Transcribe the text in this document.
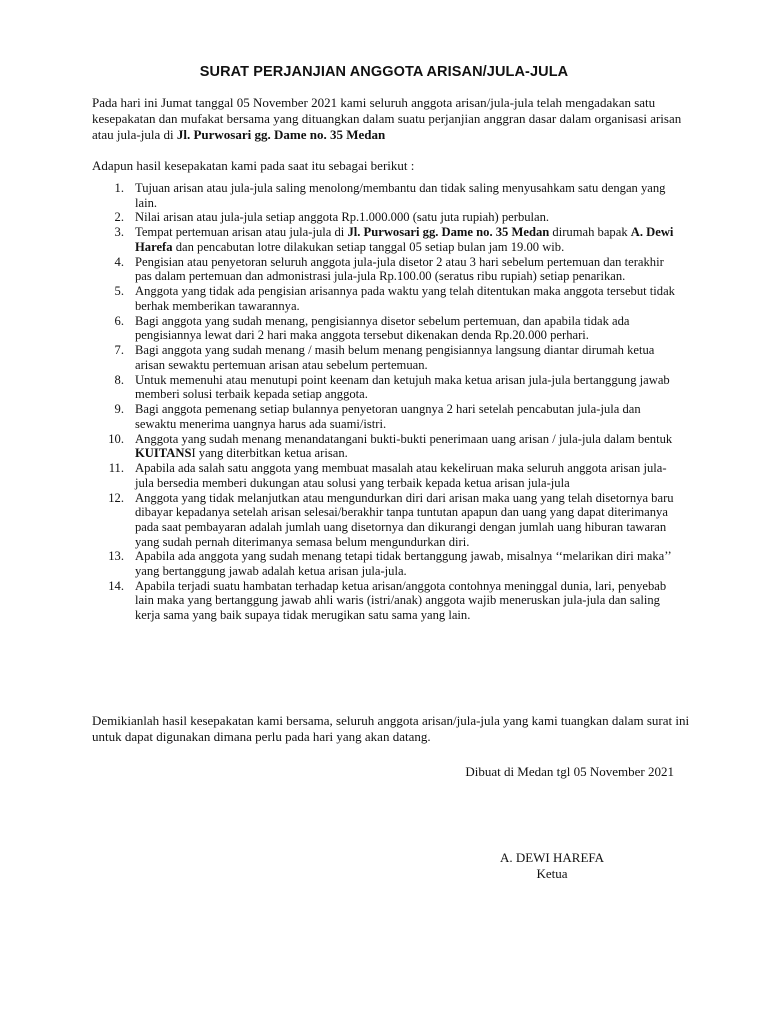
SURAT PERJANJIAN ANGGOTA ARISAN/JULA-JULA

Pada hari ini Jumat tanggal 05 November 2021 kami seluruh anggota arisan/jula-jula telah mengadakan satu kesepakatan dan mufakat bersama yang dituangkan dalam suatu perjanjian anggran dasar dalam organisasi arisan atau jula-jula di Jl. Purwosari gg. Dame no. 35 Medan

Adapun hasil kesepakatan kami pada saat itu sebagai berikut :

1. Tujuan arisan atau jula-jula saling menolong/membantu dan tidak saling menyusahkam satu dengan yang lain.
2. Nilai arisan atau jula-jula setiap anggota Rp.1.000.000 (satu juta rupiah) perbulan.
3. Tempat pertemuan arisan atau jula-jula di Jl. Purwosari gg. Dame no. 35 Medan dirumah bapak A. Dewi Harefa dan pencabutan lotre dilakukan setiap tanggal 05 setiap bulan jam 19.00 wib.
4. Pengisian atau penyetoran seluruh anggota jula-jula disetor 2 atau 3 hari sebelum pertemuan dan terakhir pas dalam pertemuan dan admonistrasi jula-jula Rp.100.00 (seratus ribu rupiah) setiap penarikan.
5. Anggota yang tidak ada pengisian arisannya pada waktu yang telah ditentukan maka anggota tersebut tidak berhak memberikan tawarannya.
6. Bagi anggota yang sudah menang, pengisiannya disetor sebelum pertemuan, dan apabila tidak ada pengisiannya lewat dari 2 hari maka anggota tersebut dikenakan denda Rp.20.000 perhari.
7. Bagi anggota yang sudah menang / masih belum menang pengisiannya langsung diantar dirumah ketua arisan sewaktu pertemuan arisan atau sebelum pertemuan.
8. Untuk memenuhi atau menutupi point keenam dan ketujuh maka ketua arisan jula-jula bertanggung jawab memberi solusi terbaik kepada setiap anggota.
9. Bagi anggota pemenang setiap bulannya penyetoran uangnya 2 hari setelah pencabutan jula-jula dan sewaktu menerima uangnya harus ada suami/istri.
10. Anggota yang sudah menang menandatangani bukti-bukti penerimaan uang arisan / jula-jula dalam bentuk KUITANSI yang diterbitkan ketua arisan.
11. Apabila ada salah satu anggota yang membuat masalah atau kekeliruan maka seluruh anggota arisan jula-jula bersedia memberi dukungan atau solusi yang terbaik kepada ketua arisan jula-jula
12. Anggota yang tidak melanjutkan atau mengundurkan diri dari arisan maka uang yang telah disetornya baru dibayar kepadanya setelah arisan selesai/berakhir tanpa tuntutan apapun dan uang yang dapat diterimanya pada saat pembayaran adalah jumlah uang disetornya dan dikurangi dengan jumlah uang hiburan tawaran yang sudah pernah diterimanya semasa belum mengundurkan diri.
13. Apabila ada anggota yang sudah menang tetapi tidak bertanggung jawab, misalnya ‘‘melarikan diri maka’’ yang bertanggung jawab adalah ketua arisan jula-jula.
14. Apabila terjadi suatu hambatan terhadap ketua arisan/anggota contohnya meninggal dunia, lari, penyebab lain maka yang bertanggung jawab ahli waris (istri/anak) anggota wajib meneruskan jula-jula dan saling kerja sama yang baik supaya tidak merugikan satu sama yang lain.

Demikianlah hasil kesepakatan kami bersama, seluruh anggota arisan/jula-jula yang kami tuangkan dalam surat ini untuk dapat digunakan dimana perlu pada hari yang akan datang.

Dibuat di Medan tgl 05 November 2021

A. DEWI HAREFA
Ketua
